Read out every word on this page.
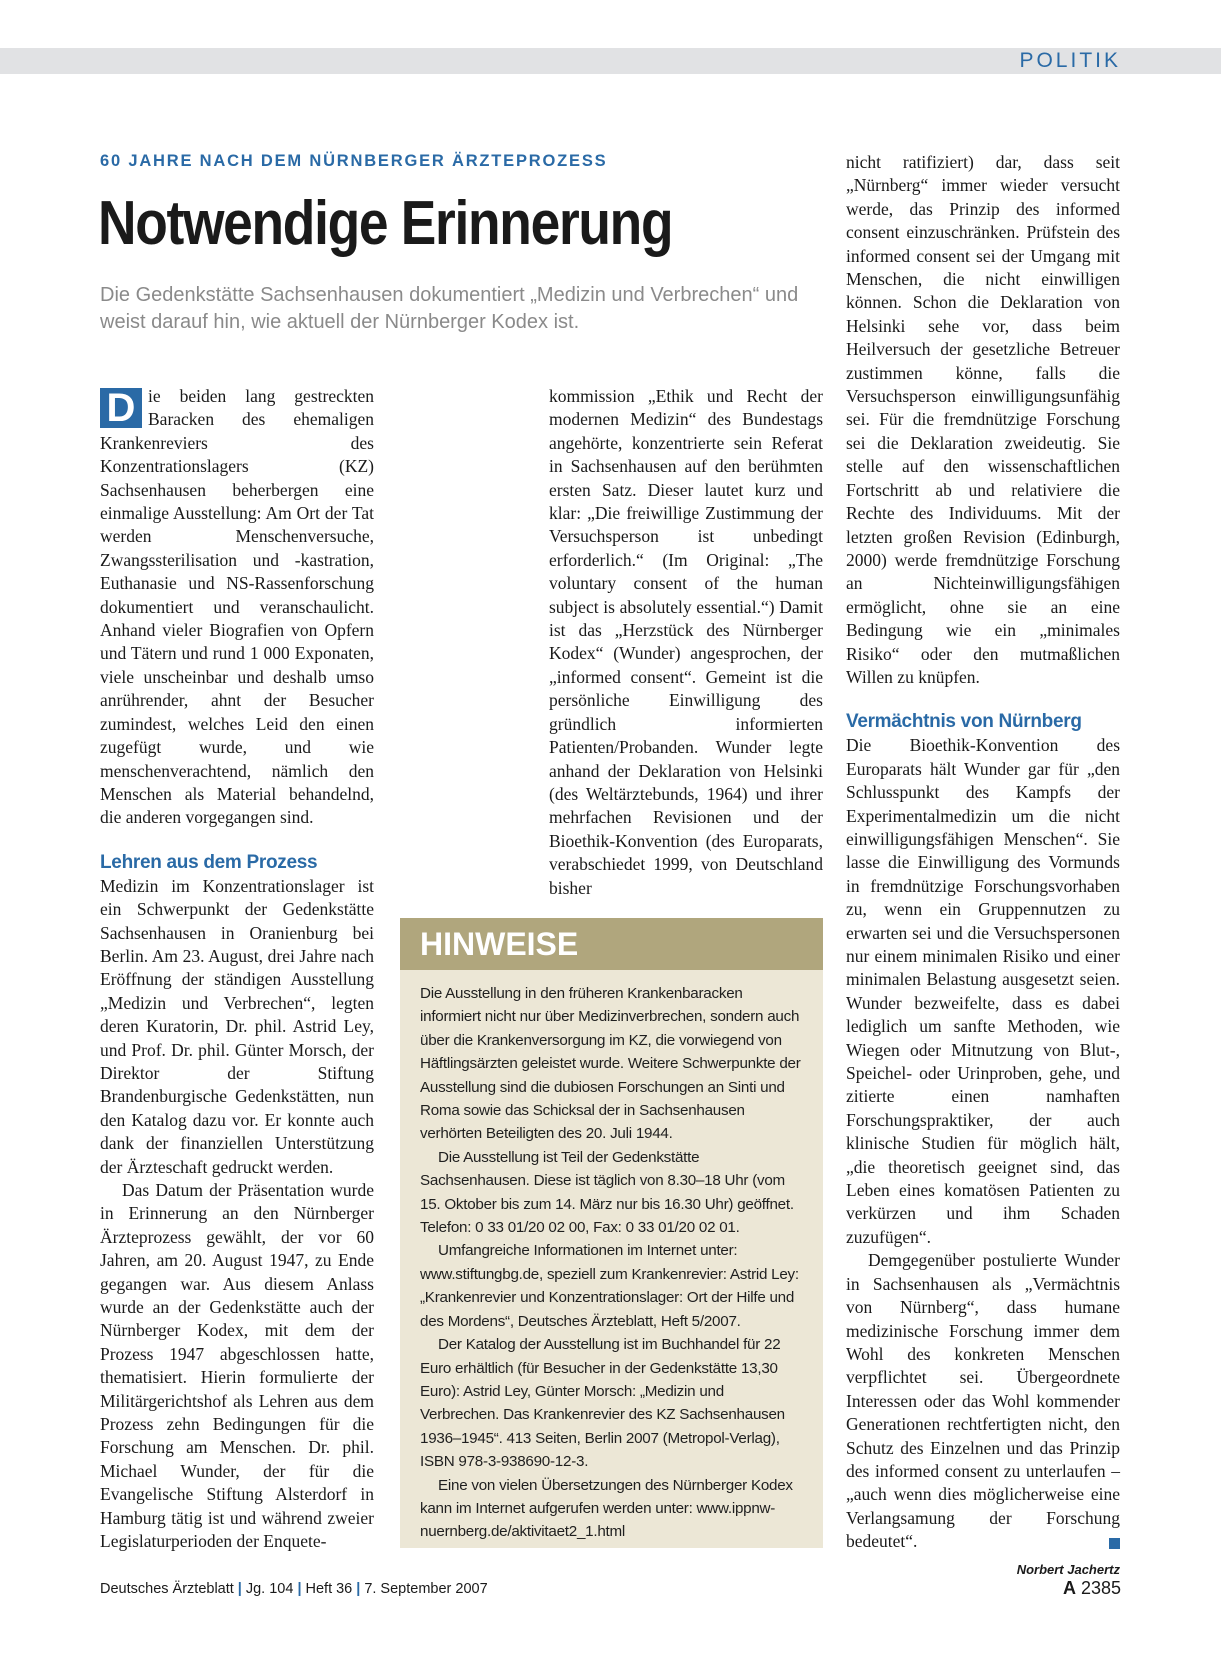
POLITIK
60 JAHRE NACH DEM NÜRNBERGER ÄRZTEPROZESS
Notwendige Erinnerung
Die Gedenkstätte Sachsenhausen dokumentiert „Medizin und Verbrechen“ und weist darauf hin, wie aktuell der Nürnberger Kodex ist.

D ie beiden lang gestreckten Baracken des ehemaligen Krankenreviers des Konzentrationslagers (KZ) Sachsenhausen beherbergen eine einmalige Ausstellung: Am Ort der Tat werden Menschenversuche, Zwangssterilisation und -kastration, Euthanasie und NS-Rassenforschung dokumentiert und veranschaulicht. Anhand vieler Biografien von Opfern und Tätern und rund 1 000 Exponaten, viele unscheinbar und deshalb umso anrührender, ahnt der Besucher zumindest, welches Leid den einen zugefügt wurde, und wie menschenverachtend, nämlich den Menschen als Material behandelnd, die anderen vorgegangen sind.

Lehren aus dem Prozess

Medizin im Konzentrationslager ist ein Schwerpunkt der Gedenkstätte Sachsenhausen in Oranienburg bei Berlin. Am 23. August, drei Jahre nach Eröffnung der ständigen Ausstellung „Medizin und Verbrechen“, legten deren Kuratorin, Dr. phil. Astrid Ley, und Prof. Dr. phil. Günter Morsch, der Direktor der Stiftung Brandenburgische Gedenkstätten, nun den Katalog dazu vor. Er konnte auch dank der finanziellen Unterstützung der Ärzteschaft gedruckt werden.

Das Datum der Präsentation wurde in Erinnerung an den Nürnberger Ärzteprozess gewählt, der vor 60 Jahren, am 20. August 1947, zu Ende gegangen war. Aus diesem Anlass wurde an der Gedenkstätte auch der Nürnberger Kodex, mit dem der Prozess 1947 abgeschlossen hatte, thematisiert. Hierin formulierte der Militärgerichtshof als Lehren aus dem Prozess zehn Bedingungen für die Forschung am Menschen. Dr. phil. Michael Wunder, der für die Evangelische Stiftung Alsterdorf in Hamburg tätig ist und während zweier Legislaturperioden der Enquete-

kommission „Ethik und Recht der modernen Medizin“ des Bundestags angehörte, konzentrierte sein Referat in Sachsenhausen auf den berühmten ersten Satz. Dieser lautet kurz und klar: „Die freiwillige Zustimmung der Versuchsperson ist unbedingt erforderlich.“ (Im Original: „The voluntary consent of the human subject is absolutely essential.“) Damit ist das „Herzstück des Nürnberger Kodex“ (Wunder) angesprochen, der „informed consent“. Gemeint ist die persönliche Einwilligung des gründlich informierten Patienten/Probanden. Wunder legte anhand der Deklaration von Helsinki (des Weltärztebunds, 1964) und ihrer mehrfachen Revisionen und der Bioethik-Konvention (des Europarats, verabschiedet 1999, von Deutschland bisher

HINWEISE

Die Ausstellung in den früheren Krankenbaracken informiert nicht nur über Medizinverbrechen, sondern auch über die Krankenversorgung im KZ, die vorwiegend von Häftlingsärzten geleistet wurde. Weitere Schwerpunkte der Ausstellung sind die dubiosen Forschungen an Sinti und Roma sowie das Schicksal der in Sachsenhausen verhörten Beteiligten des 20. Juli 1944.

Die Ausstellung ist Teil der Gedenkstätte Sachsenhausen. Diese ist täglich von 8.30–18 Uhr (vom 15. Oktober bis zum 14. März nur bis 16.30 Uhr) geöffnet.

Telefon: 0 33 01/20 02 00, Fax: 0 33 01/20 02 01.

Umfangreiche Informationen im Internet unter: www.stiftungbg.de, speziell zum Krankenrevier: Astrid Ley: „Krankenrevier und Konzentrationslager: Ort der Hilfe und des Mordens“, Deutsches Ärzteblatt, Heft 5/2007.

Der Katalog der Ausstellung ist im Buchhandel für 22 Euro erhältlich (für Besucher in der Gedenkstätte 13,30 Euro): Astrid Ley, Günter Morsch: „Medizin und Verbrechen. Das Krankenrevier des KZ Sachsenhausen 1936–1945“. 413 Seiten, Berlin 2007 (Metropol-Verlag), ISBN 978-3-938690-12-3.

Eine von vielen Übersetzungen des Nürnberger Kodex kann im Internet aufgerufen werden unter: www.ippnw-nuernberg.de/aktivitaet2_1.html

nicht ratifiziert) dar, dass seit „Nürnberg“ immer wieder versucht werde, das Prinzip des informed consent einzuschränken. Prüfstein des informed consent sei der Umgang mit Menschen, die nicht einwilligen können. Schon die Deklaration von Helsinki sehe vor, dass beim Heilversuch der gesetzliche Betreuer zustimmen könne, falls die Versuchsperson einwilligungsunfähig sei. Für die fremdnützige Forschung sei die Deklaration zweideutig. Sie stelle auf den wissenschaftlichen Fortschritt ab und relativiere die Rechte des Individuums. Mit der letzten großen Revision (Edinburgh, 2000) werde fremdnützige Forschung an Nichteinwilligungsfähigen ermöglicht, ohne sie an eine Bedingung wie ein „minimales Risiko“ oder den mutmaßlichen Willen zu knüpfen.

Vermächtnis von Nürnberg

Die Bioethik-Konvention des Europarats hält Wunder gar für „den Schlusspunkt des Kampfs der Experimentalmedizin um die nicht einwilligungsfähigen Menschen“. Sie lasse die Einwilligung des Vormunds in fremdnützige Forschungsvorhaben zu, wenn ein Gruppennutzen zu erwarten sei und die Versuchspersonen nur einem minimalen Risiko und einer minimalen Belastung ausgesetzt seien. Wunder bezweifelte, dass es dabei lediglich um sanfte Methoden, wie Wiegen oder Mitnutzung von Blut-, Speichel- oder Urinproben, gehe, und zitierte einen namhaften Forschungspraktiker, der auch klinische Studien für möglich hält, „die theoretisch geeignet sind, das Leben eines komatösen Patienten zu verkürzen und ihm Schaden zuzufügen“.

Demgegenüber postulierte Wunder in Sachsenhausen als „Vermächtnis von Nürnberg“, dass humane medizinische Forschung immer dem Wohl des konkreten Menschen verpflichtet sei. Übergeordnete Interessen oder das Wohl kommender Generationen rechtfertigten nicht, den Schutz des Einzelnen und das Prinzip des informed consent zu unterlaufen – „auch wenn dies möglicherweise eine Verlangsamung der Forschung bedeutet“.

Norbert Jachertz

Deutsches Ärzteblatt | Jg. 104 | Heft 36 | 7. September 2007	A 2385
